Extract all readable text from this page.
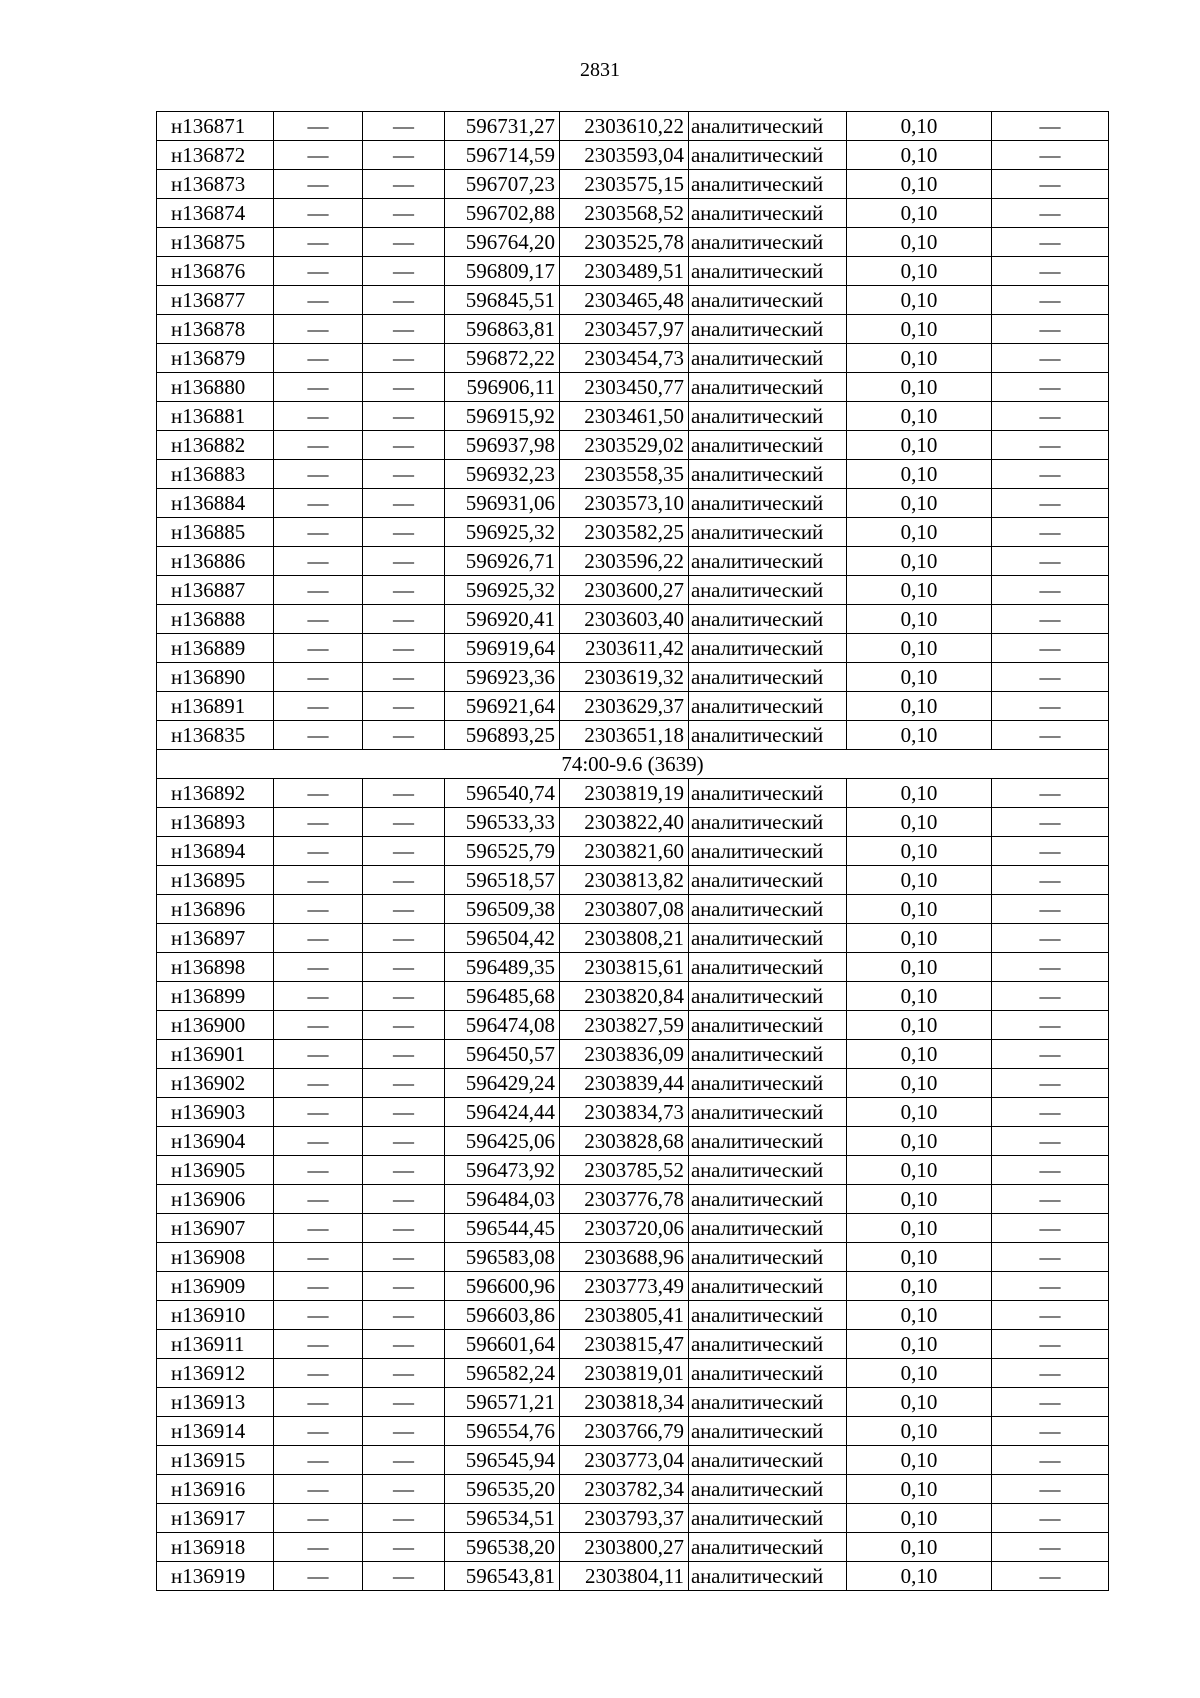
2831
н136871	—	—	596731,27	2303610,22	аналитический	0,10	—
н136872	—	—	596714,59	2303593,04	аналитический	0,10	—
н136873	—	—	596707,23	2303575,15	аналитический	0,10	—
н136874	—	—	596702,88	2303568,52	аналитический	0,10	—
н136875	—	—	596764,20	2303525,78	аналитический	0,10	—
н136876	—	—	596809,17	2303489,51	аналитический	0,10	—
н136877	—	—	596845,51	2303465,48	аналитический	0,10	—
н136878	—	—	596863,81	2303457,97	аналитический	0,10	—
н136879	—	—	596872,22	2303454,73	аналитический	0,10	—
н136880	—	—	596906,11	2303450,77	аналитический	0,10	—
н136881	—	—	596915,92	2303461,50	аналитический	0,10	—
н136882	—	—	596937,98	2303529,02	аналитический	0,10	—
н136883	—	—	596932,23	2303558,35	аналитический	0,10	—
н136884	—	—	596931,06	2303573,10	аналитический	0,10	—
н136885	—	—	596925,32	2303582,25	аналитический	0,10	—
н136886	—	—	596926,71	2303596,22	аналитический	0,10	—
н136887	—	—	596925,32	2303600,27	аналитический	0,10	—
н136888	—	—	596920,41	2303603,40	аналитический	0,10	—
н136889	—	—	596919,64	2303611,42	аналитический	0,10	—
н136890	—	—	596923,36	2303619,32	аналитический	0,10	—
н136891	—	—	596921,64	2303629,37	аналитический	0,10	—
н136835	—	—	596893,25	2303651,18	аналитический	0,10	—
74:00-9.6 (3639)							
н136892	—	—	596540,74	2303819,19	аналитический	0,10	—
н136893	—	—	596533,33	2303822,40	аналитический	0,10	—
н136894	—	—	596525,79	2303821,60	аналитический	0,10	—
н136895	—	—	596518,57	2303813,82	аналитический	0,10	—
н136896	—	—	596509,38	2303807,08	аналитический	0,10	—
н136897	—	—	596504,42	2303808,21	аналитический	0,10	—
н136898	—	—	596489,35	2303815,61	аналитический	0,10	—
н136899	—	—	596485,68	2303820,84	аналитический	0,10	—
н136900	—	—	596474,08	2303827,59	аналитический	0,10	—
н136901	—	—	596450,57	2303836,09	аналитический	0,10	—
н136902	—	—	596429,24	2303839,44	аналитический	0,10	—
н136903	—	—	596424,44	2303834,73	аналитический	0,10	—
н136904	—	—	596425,06	2303828,68	аналитический	0,10	—
н136905	—	—	596473,92	2303785,52	аналитический	0,10	—
н136906	—	—	596484,03	2303776,78	аналитический	0,10	—
н136907	—	—	596544,45	2303720,06	аналитический	0,10	—
н136908	—	—	596583,08	2303688,96	аналитический	0,10	—
н136909	—	—	596600,96	2303773,49	аналитический	0,10	—
н136910	—	—	596603,86	2303805,41	аналитический	0,10	—
н136911	—	—	596601,64	2303815,47	аналитический	0,10	—
н136912	—	—	596582,24	2303819,01	аналитический	0,10	—
н136913	—	—	596571,21	2303818,34	аналитический	0,10	—
н136914	—	—	596554,76	2303766,79	аналитический	0,10	—
н136915	—	—	596545,94	2303773,04	аналитический	0,10	—
н136916	—	—	596535,20	2303782,34	аналитический	0,10	—
н136917	—	—	596534,51	2303793,37	аналитический	0,10	—
н136918	—	—	596538,20	2303800,27	аналитический	0,10	—
н136919	—	—	596543,81	2303804,11	аналитический	0,10	—
